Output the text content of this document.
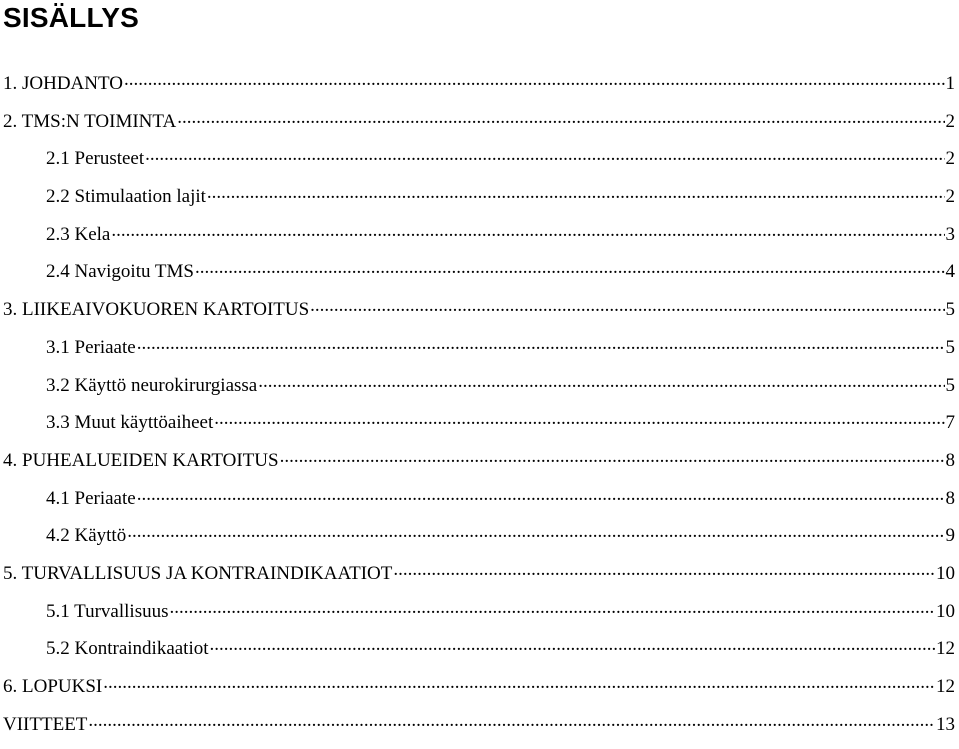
SISÄLLYS
1. JOHDANTO .....	1
2. TMS:N TOIMINTA .....	2
2.1 Perusteet .....	2
2.2 Stimulaation lajit .....	2
2.3 Kela .....	3
2.4 Navigoitu TMS .....	4
3. LIIKEAIVOKUOREN KARTOITUS .....	5
3.1 Periaate .....	5
3.2 Käyttö neurokirurgiassa .....	5
3.3 Muut käyttöaiheet .....	7
4. PUHEALUEIDEN KARTOITUS .....	8
4.1 Periaate .....	8
4.2 Käyttö .....	9
5. TURVALLISUUS JA KONTRAINDIKAATIOT .....	10
5.1 Turvallisuus .....	10
5.2 Kontraindikaatiot .....	12
6. LOPUKSI .....	12
VIITTEET .....	13
